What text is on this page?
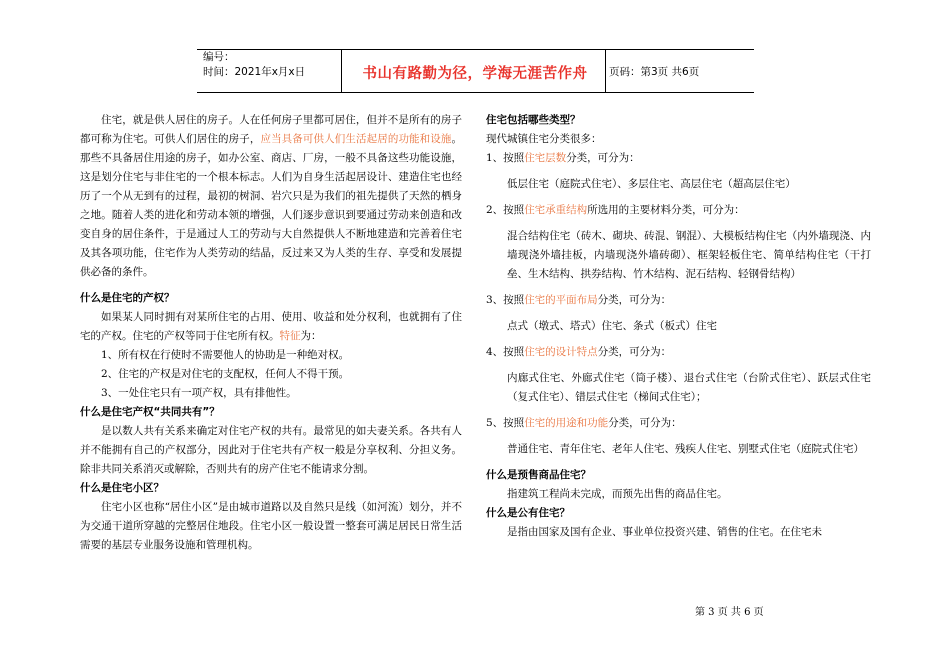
编号：
时间：2021年x月x日	书山有路勤为径，学海无涯苦作舟	页码：第3页 共6页

住宅，就是供人居住的房子。人在任何房子里都可居住，但并不是所有的房子都可称为住宅。可供人们居住的房子，应当具备可供人们生活起居的功能和设施。那些不具备居住用途的房子，如办公室、商店、厂房，一般不具备这些功能设施，这是划分住宅与非住宅的一个根本标志。人们为自身生活起居设计、建造住宅也经历了一个从无到有的过程，最初的树洞、岩穴只是为我们的祖先提供了天然的栖身之地。随着人类的进化和劳动本领的增强，人们逐步意识到要通过劳动来创造和改变自身的居住条件，于是通过人工的劳动与大自然提供人不断地建造和完善着住宅及其各项功能，住宅作为人类劳动的结晶，反过来又为人类的生存、享受和发展提供必备的条件。

什么是住宅的产权？

如果某人同时拥有对某所住宅的占用、使用、收益和处分权利，也就拥有了住宅的产权。住宅的产权等同于住宅所有权。特征为：

1、所有权在行使时不需要他人的协助是一种绝对权。

2、住宅的产权是对住宅的支配权，任何人不得干预。

3、一处住宅只有一项产权，具有排他性。

什么是住宅产权“共同共有”？

是以数人共有关系来确定对住宅产权的共有。最常见的如夫妻关系。各共有人并不能拥有自己的产权部分，因此对于住宅共有产权一般是分享权利、分担义务。除非共同关系消灭或解除，否则共有的房产住宅不能请求分割。

什么是住宅小区？

住宅小区也称“居住小区”是由城市道路以及自然只是线（如河流）划分，并不为交通干道所穿越的完整居住地段。住宅小区一般设置一整套可满足居民日常生活需要的基层专业服务设施和管理机构。

住宅包括哪些类型？

现代城镇住宅分类很多：

1、按照住宅层数分类，可分为：

低层住宅（庭院式住宅）、多层住宅、高层住宅（超高层住宅）

2、按照住宅承重结构所选用的主要材料分类，可分为：

混合结构住宅（砖木、砌块、砖混、钢混）、大模板结构住宅（内外墙现浇、内墙现浇外墙挂板，内墙现浇外墙砖砌）、框架轻板住宅、简单结构住宅（干打垒、生木结构、拱券结构、竹木结构、泥石结构、轻钢骨结构）

3、按照住宅的平面布局分类，可分为：

点式（墩式、塔式）住宅、条式（板式）住宅

4、按照住宅的设计特点分类，可分为：

内廊式住宅、外廊式住宅（筒子楼）、退台式住宅（台阶式住宅）、跃层式住宅（复式住宅）、错层式住宅（梯间式住宅）；

5、按照住宅的用途和功能分类，可分为：

普通住宅、青年住宅、老年人住宅、残疾人住宅、别墅式住宅（庭院式住宅）

什么是预售商品住宅？

指建筑工程尚未完成，而预先出售的商品住宅。

什么是公有住宅？

是指由国家及国有企业、事业单位投资兴建、销售的住宅。在住宅未

第 3 页 共 6 页
